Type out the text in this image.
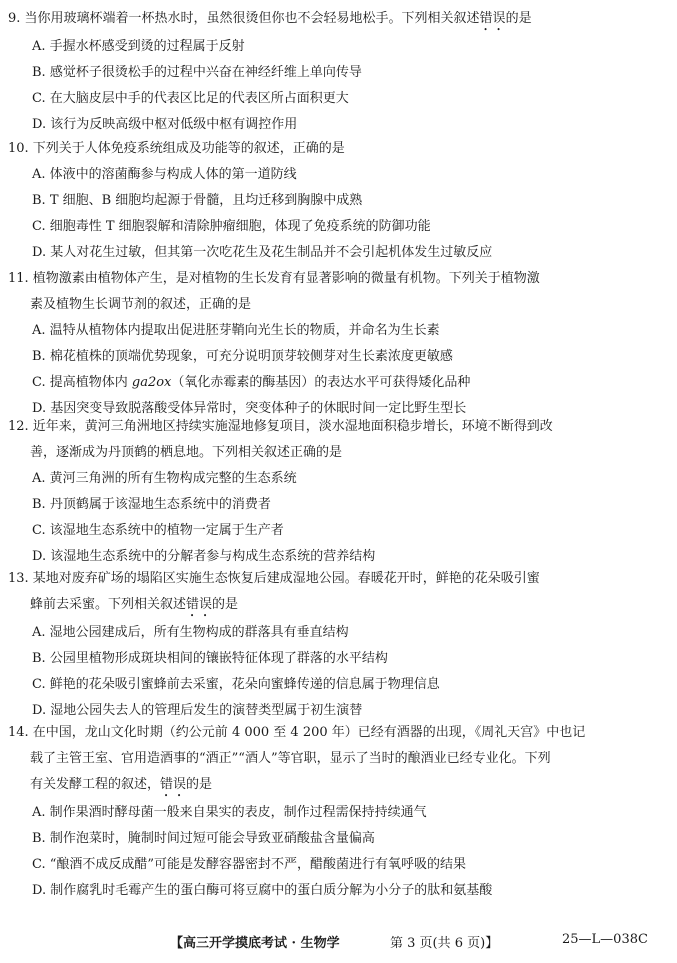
9. 当你用玻璃杯端着一杯热水时，虽然很烫但你也不会轻易地松手。下列相关叙述错误的是

A. 手握水杯感受到烫的过程属于反射

B. 感觉杯子很烫松手的过程中兴奋在神经纤维上单向传导

C. 在大脑皮层中手的代表区比足的代表区所占面积更大

D. 该行为反映高级中枢对低级中枢有调控作用

10. 下列关于人体免疫系统组成及功能等的叙述，正确的是

A. 体液中的溶菌酶参与构成人体的第一道防线

B. T 细胞、B 细胞均起源于骨髓，且均迁移到胸腺中成熟

C. 细胞毒性 T 细胞裂解和清除肿瘤细胞，体现了免疫系统的防御功能

D. 某人对花生过敏，但其第一次吃花生及花生制品并不会引起机体发生过敏反应

11. 植物激素由植物体产生，是对植物的生长发育有显著影响的微量有机物。下列关于植物激

素及植物生长调节剂的叙述，正确的是

A. 温特从植物体内提取出促进胚芽鞘向光生长的物质，并命名为生长素

B. 棉花植株的顶端优势现象，可充分说明顶芽较侧芽对生长素浓度更敏感

C. 提高植物体内 ga2ox（氧化赤霉素的酶基因）的表达水平可获得矮化品种

D. 基因突变导致脱落酸受体异常时，突变体种子的休眠时间一定比野生型长

12. 近年来，黄河三角洲地区持续实施湿地修复项目，淡水湿地面积稳步增长，环境不断得到改

善，逐渐成为丹顶鹤的栖息地。下列相关叙述正确的是

A. 黄河三角洲的所有生物构成完整的生态系统

B. 丹顶鹤属于该湿地生态系统中的消费者

C. 该湿地生态系统中的植物一定属于生产者

D. 该湿地生态系统中的分解者参与构成生态系统的营养结构

13. 某地对废弃矿场的塌陷区实施生态恢复后建成湿地公园。春暖花开时，鲜艳的花朵吸引蜜

蜂前去采蜜。下列相关叙述错误的是

A. 湿地公园建成后，所有生物构成的群落具有垂直结构

B. 公园里植物形成斑块相间的镶嵌特征体现了群落的水平结构

C. 鲜艳的花朵吸引蜜蜂前去采蜜，花朵向蜜蜂传递的信息属于物理信息

D. 湿地公园失去人的管理后发生的演替类型属于初生演替

14. 在中国，龙山文化时期（约公元前 4 000 至 4 200 年）已经有酒器的出现，《周礼天宫》中也记

载了主管王室、官用造酒事的“酒正”“酒人”等官职，显示了当时的酿酒业已经专业化。下列

有关发酵工程的叙述，错误的是

A. 制作果酒时酵母菌一般来自果实的表皮，制作过程需保持持续通气

B. 制作泡菜时，腌制时间过短可能会导致亚硝酸盐含量偏高

C. “酿酒不成反成醋”可能是发酵容器密封不严，醋酸菌进行有氧呼吸的结果

D. 制作腐乳时毛霉产生的蛋白酶可将豆腐中的蛋白质分解为小分子的肽和氨基酸

【高三开学摸底考试 · 生物学	第 3 页(共 6 页)】	25—L—038C
